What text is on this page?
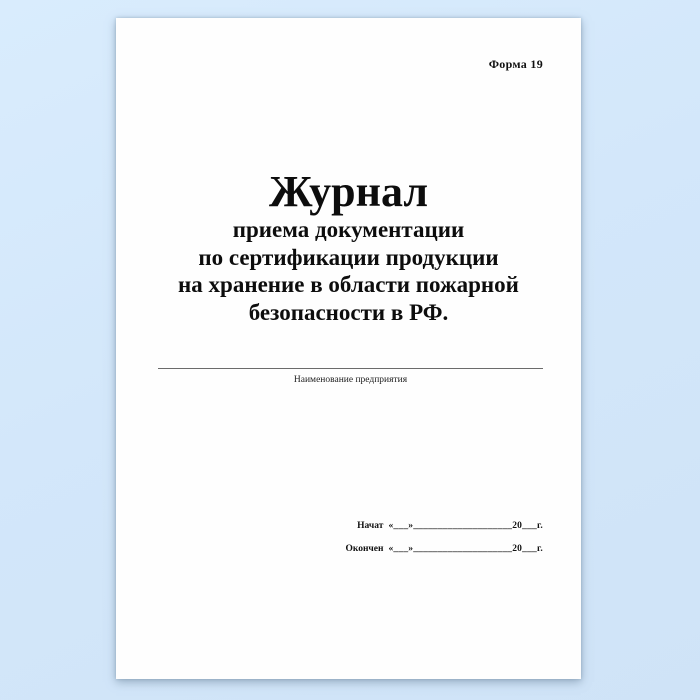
Форма 19
Журнал
приема документации
по сертификации продукции
на хранение в области пожарной
безопасности в РФ.
Наименование предприятия
Начат «___»____________________20___г.
Окончен «___»____________________20___г.
